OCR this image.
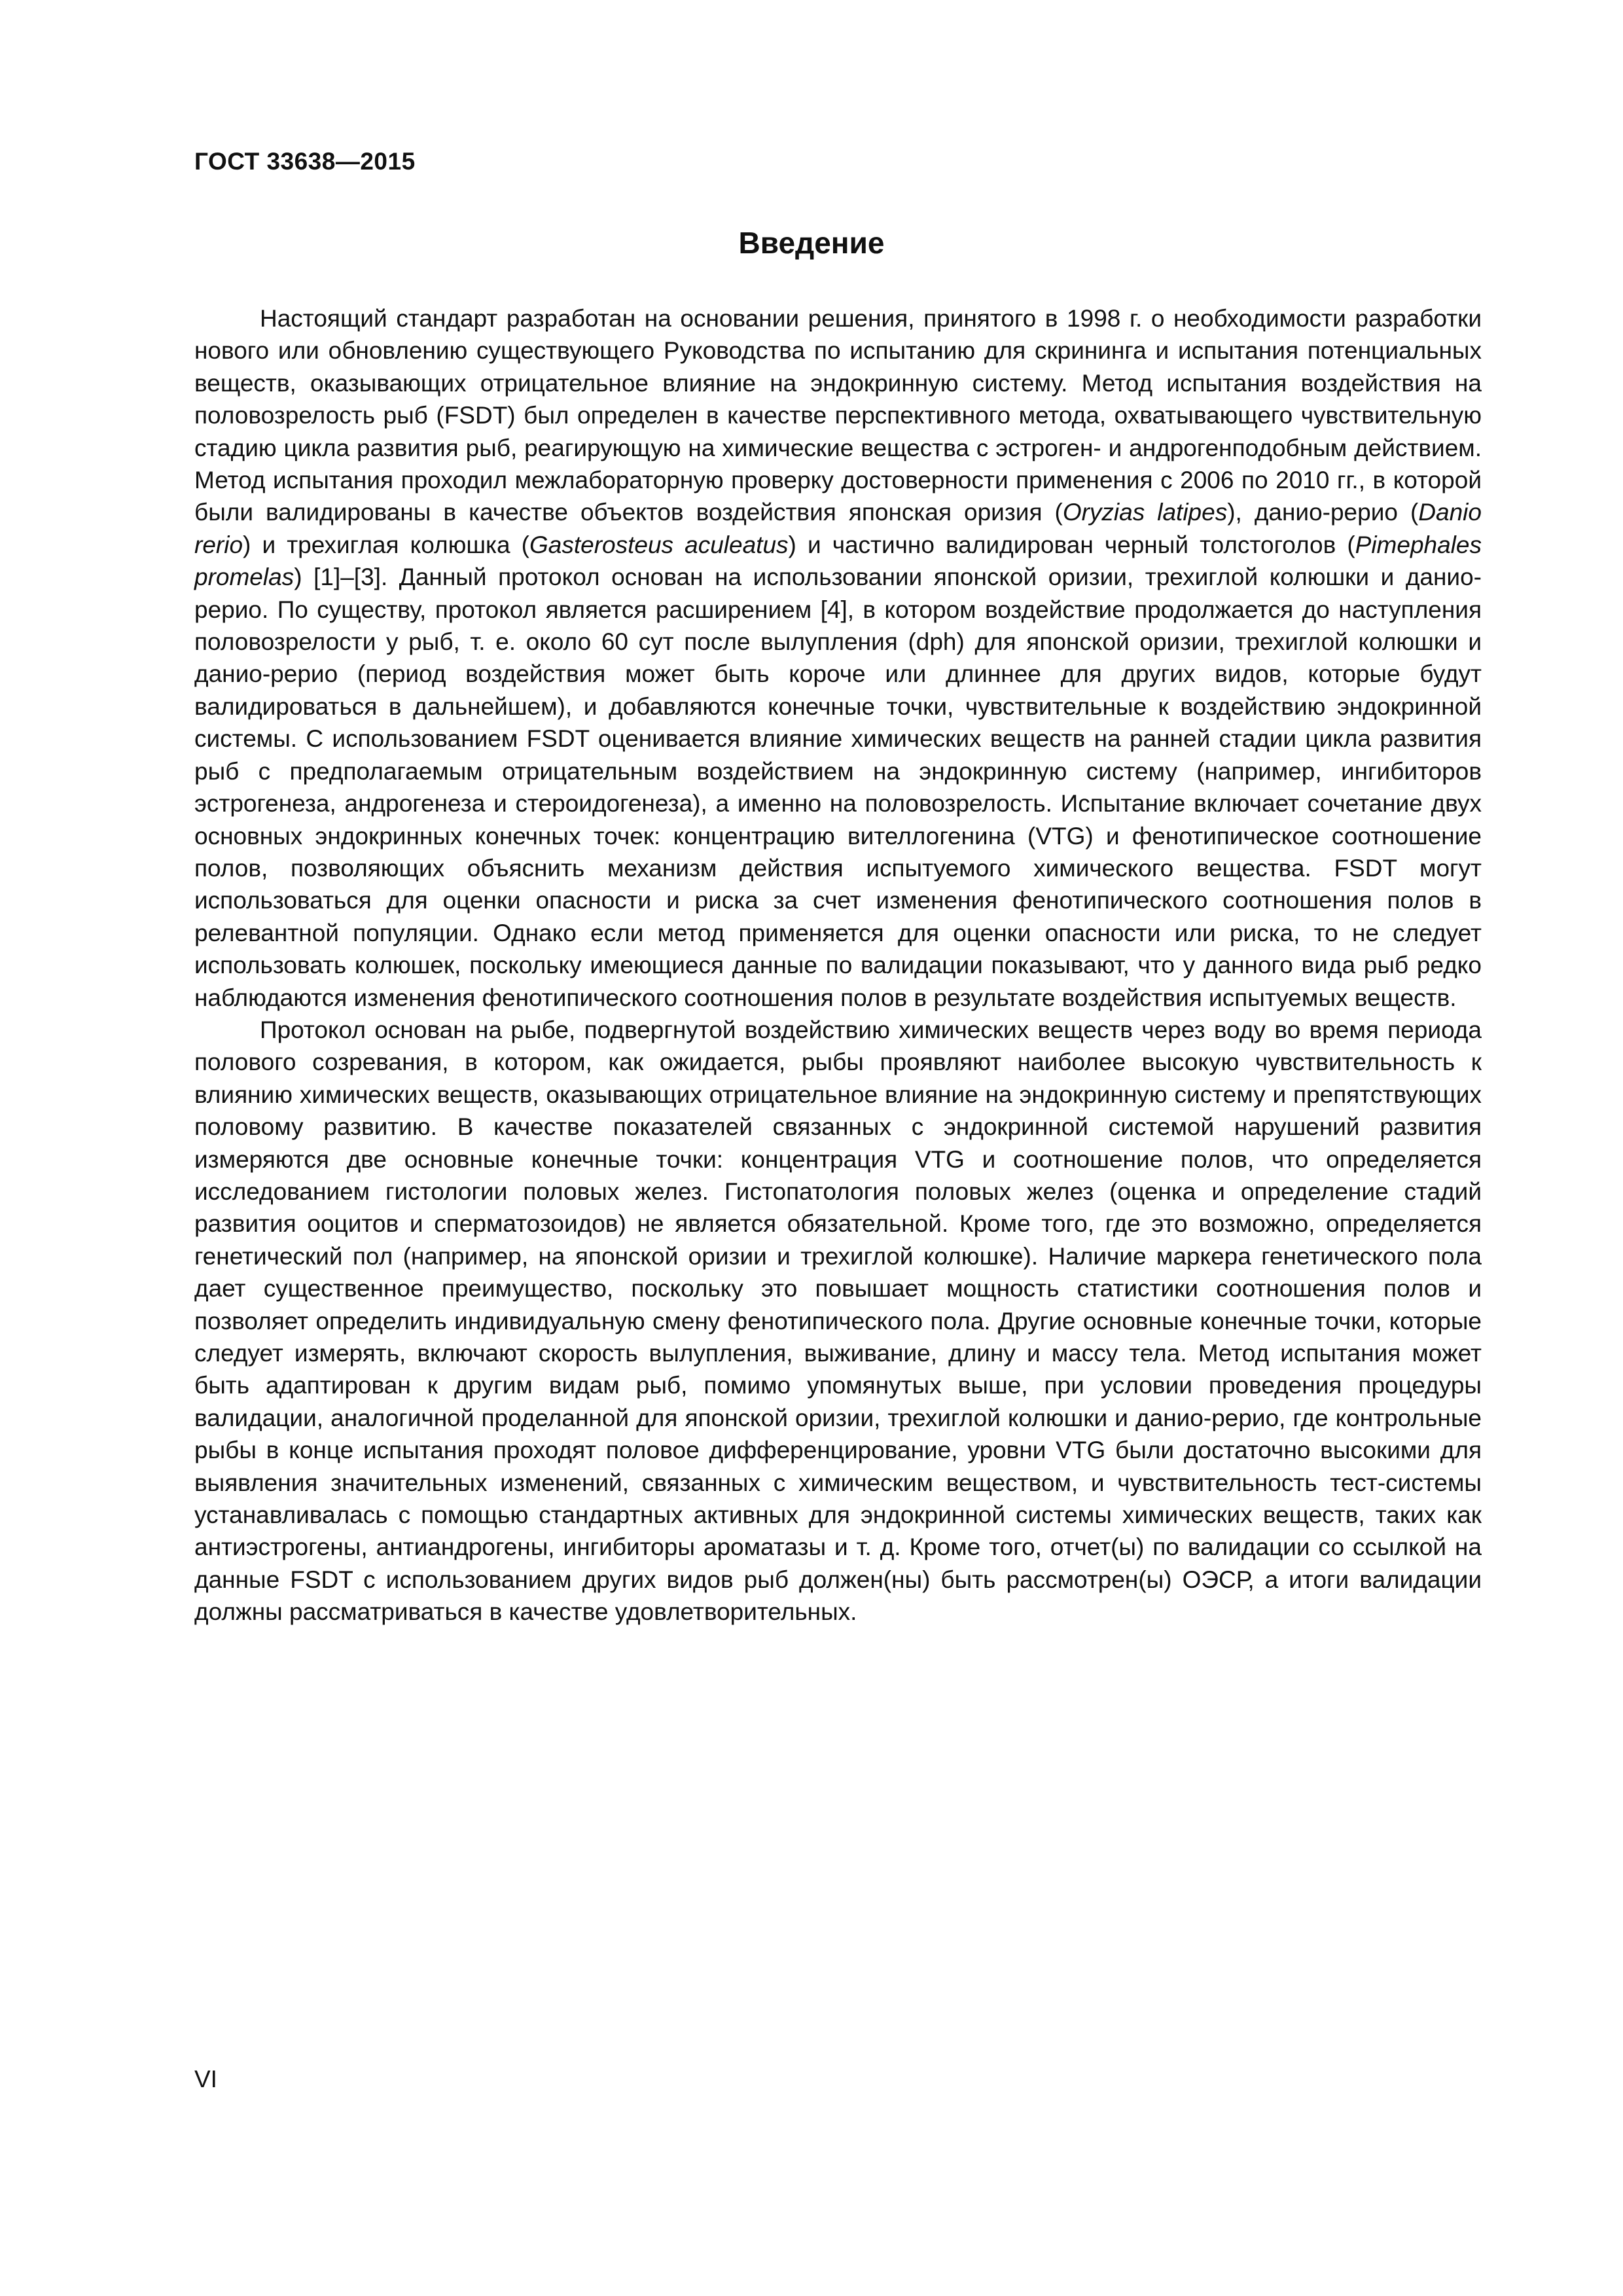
ГОСТ 33638—2015
Введение

Настоящий стандарт разработан на основании решения, принятого в 1998 г. о необходимости разработки нового или обновлению существующего Руководства по испытанию для скрининга и испытания потенциальных веществ, оказывающих отрицательное влияние на эндокринную систему. Метод испытания воздействия на половозрелость рыб (FSDT) был определен в качестве перспективного метода, охватывающего чувствительную стадию цикла развития рыб, реагирующую на химические вещества с эстроген- и андрогенподобным действием. Метод испытания проходил межлабораторную проверку достоверности применения с 2006 по 2010 гг., в которой были валидированы в качестве объектов воздействия японская оризия (Oryzias latipes), данио-рерио (Danio rerio) и трехиглая колюшка (Gasterosteus aculeatus) и частично валидирован черный толстоголов (Pimephales promelas) [1]–[3]. Данный протокол основан на использовании японской оризии, трехиглой колюшки и данио-рерио. По существу, протокол является расширением [4], в котором воздействие продолжается до наступления половозрелости у рыб, т. е. около 60 сут после вылупления (dph) для японской оризии, трехиглой колюшки и данио-рерио (период воздействия может быть короче или длиннее для других видов, которые будут валидироваться в дальнейшем), и добавляются конечные точки, чувствительные к воздействию эндокринной системы. С использованием FSDT оценивается влияние химических веществ на ранней стадии цикла развития рыб с предполагаемым отрицательным воздействием на эндокринную систему (например, ингибиторов эстрогенеза, андрогенеза и стероидогенеза), а именно на половозрелость. Испытание включает сочетание двух основных эндокринных конечных точек: концентрацию вителлогенина (VTG) и фенотипическое соотношение полов, позволяющих объяснить механизм действия испытуемого химического вещества. FSDT могут использоваться для оценки опасности и риска за счет изменения фенотипического соотношения полов в релевантной популяции. Однако если метод применяется для оценки опасности или риска, то не следует использовать колюшек, поскольку имеющиеся данные по валидации показывают, что у данного вида рыб редко наблюдаются изменения фенотипического соотношения полов в результате воздействия испытуемых веществ.

Протокол основан на рыбе, подвергнутой воздействию химических веществ через воду во время периода полового созревания, в котором, как ожидается, рыбы проявляют наиболее высокую чувствительность к влиянию химических веществ, оказывающих отрицательное влияние на эндокринную систему и препятствующих половому развитию. В качестве показателей связанных с эндокринной системой нарушений развития измеряются две основные конечные точки: концентрация VTG и соотношение полов, что определяется исследованием гистологии половых желез. Гистопатология половых желез (оценка и определение стадий развития ооцитов и сперматозоидов) не является обязательной. Кроме того, где это возможно, определяется генетический пол (например, на японской оризии и трехиглой колюшке). Наличие маркера генетического пола дает существенное преимущество, поскольку это повышает мощность статистики соотношения полов и позволяет определить индивидуальную смену фенотипического пола. Другие основные конечные точки, которые следует измерять, включают скорость вылупления, выживание, длину и массу тела. Метод испытания может быть адаптирован к другим видам рыб, помимо упомянутых выше, при условии проведения процедуры валидации, аналогичной проделанной для японской оризии, трехиглой колюшки и данио-рерио, где контрольные рыбы в конце испытания проходят половое дифференцирование, уровни VTG были достаточно высокими для выявления значительных изменений, связанных с химическим веществом, и чувствительность тест-системы устанавливалась с помощью стандартных активных для эндокринной системы химических веществ, таких как антиэстрогены, антиандрогены, ингибиторы ароматазы и т. д. Кроме того, отчет(ы) по валидации со ссылкой на данные FSDT с использованием других видов рыб должен(ны) быть рассмотрен(ы) ОЭСР, а итоги валидации должны рассматриваться в качестве удовлетворительных.

VI
